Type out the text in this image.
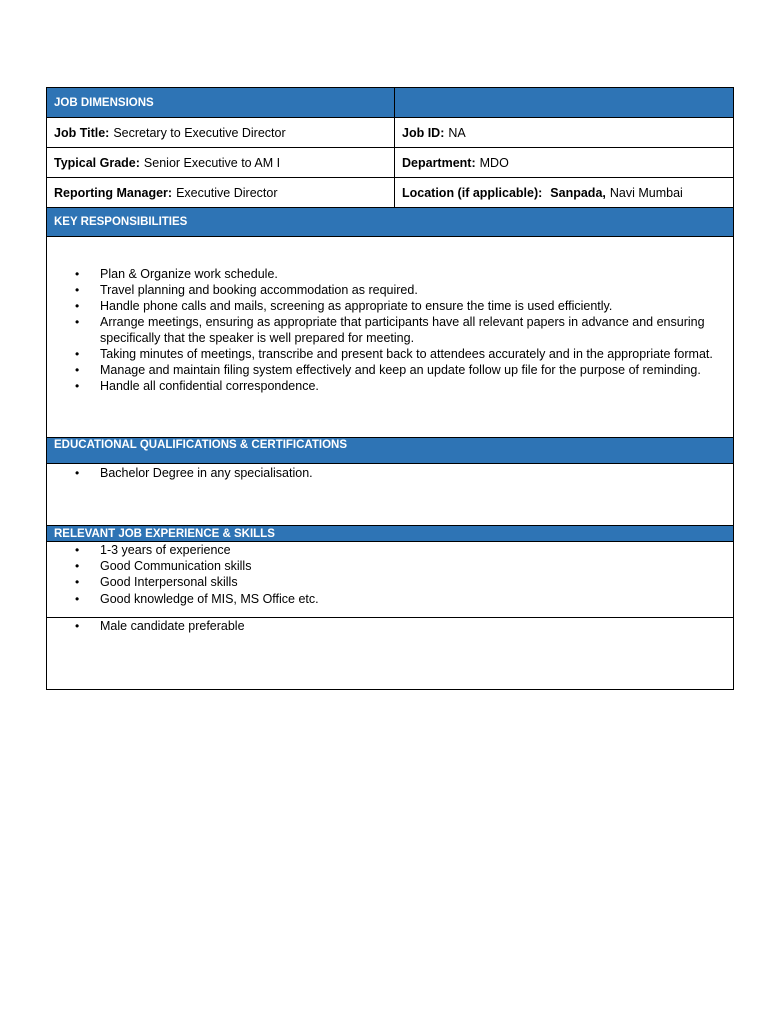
JOB DIMENSIONS
Job Title: Secretary to Executive Director	Job ID: NA
Typical Grade: Senior Executive to AM I	Department: MDO
Reporting Manager: Executive Director	Location (if applicable): Sanpada, Navi Mumbai
KEY RESPONSIBILITIES
• Plan & Organize work schedule.
• Travel planning and booking accommodation as required.
• Handle phone calls and mails, screening as appropriate to ensure the time is used efficiently.
• Arrange meetings, ensuring as appropriate that participants have all relevant papers in advance and ensuring specifically that the speaker is well prepared for meeting.
• Taking minutes of meetings, transcribe and present back to attendees accurately and in the appropriate format.
• Manage and maintain filing system effectively and keep an update follow up file for the purpose of reminding.
• Handle all confidential correspondence.
EDUCATIONAL QUALIFICATIONS & CERTIFICATIONS
• Bachelor Degree in any specialisation.
RELEVANT JOB EXPERIENCE & SKILLS
• 1-3 years of experience
• Good Communication skills
• Good Interpersonal skills
• Good knowledge of MIS, MS Office etc.
• Male candidate preferable
